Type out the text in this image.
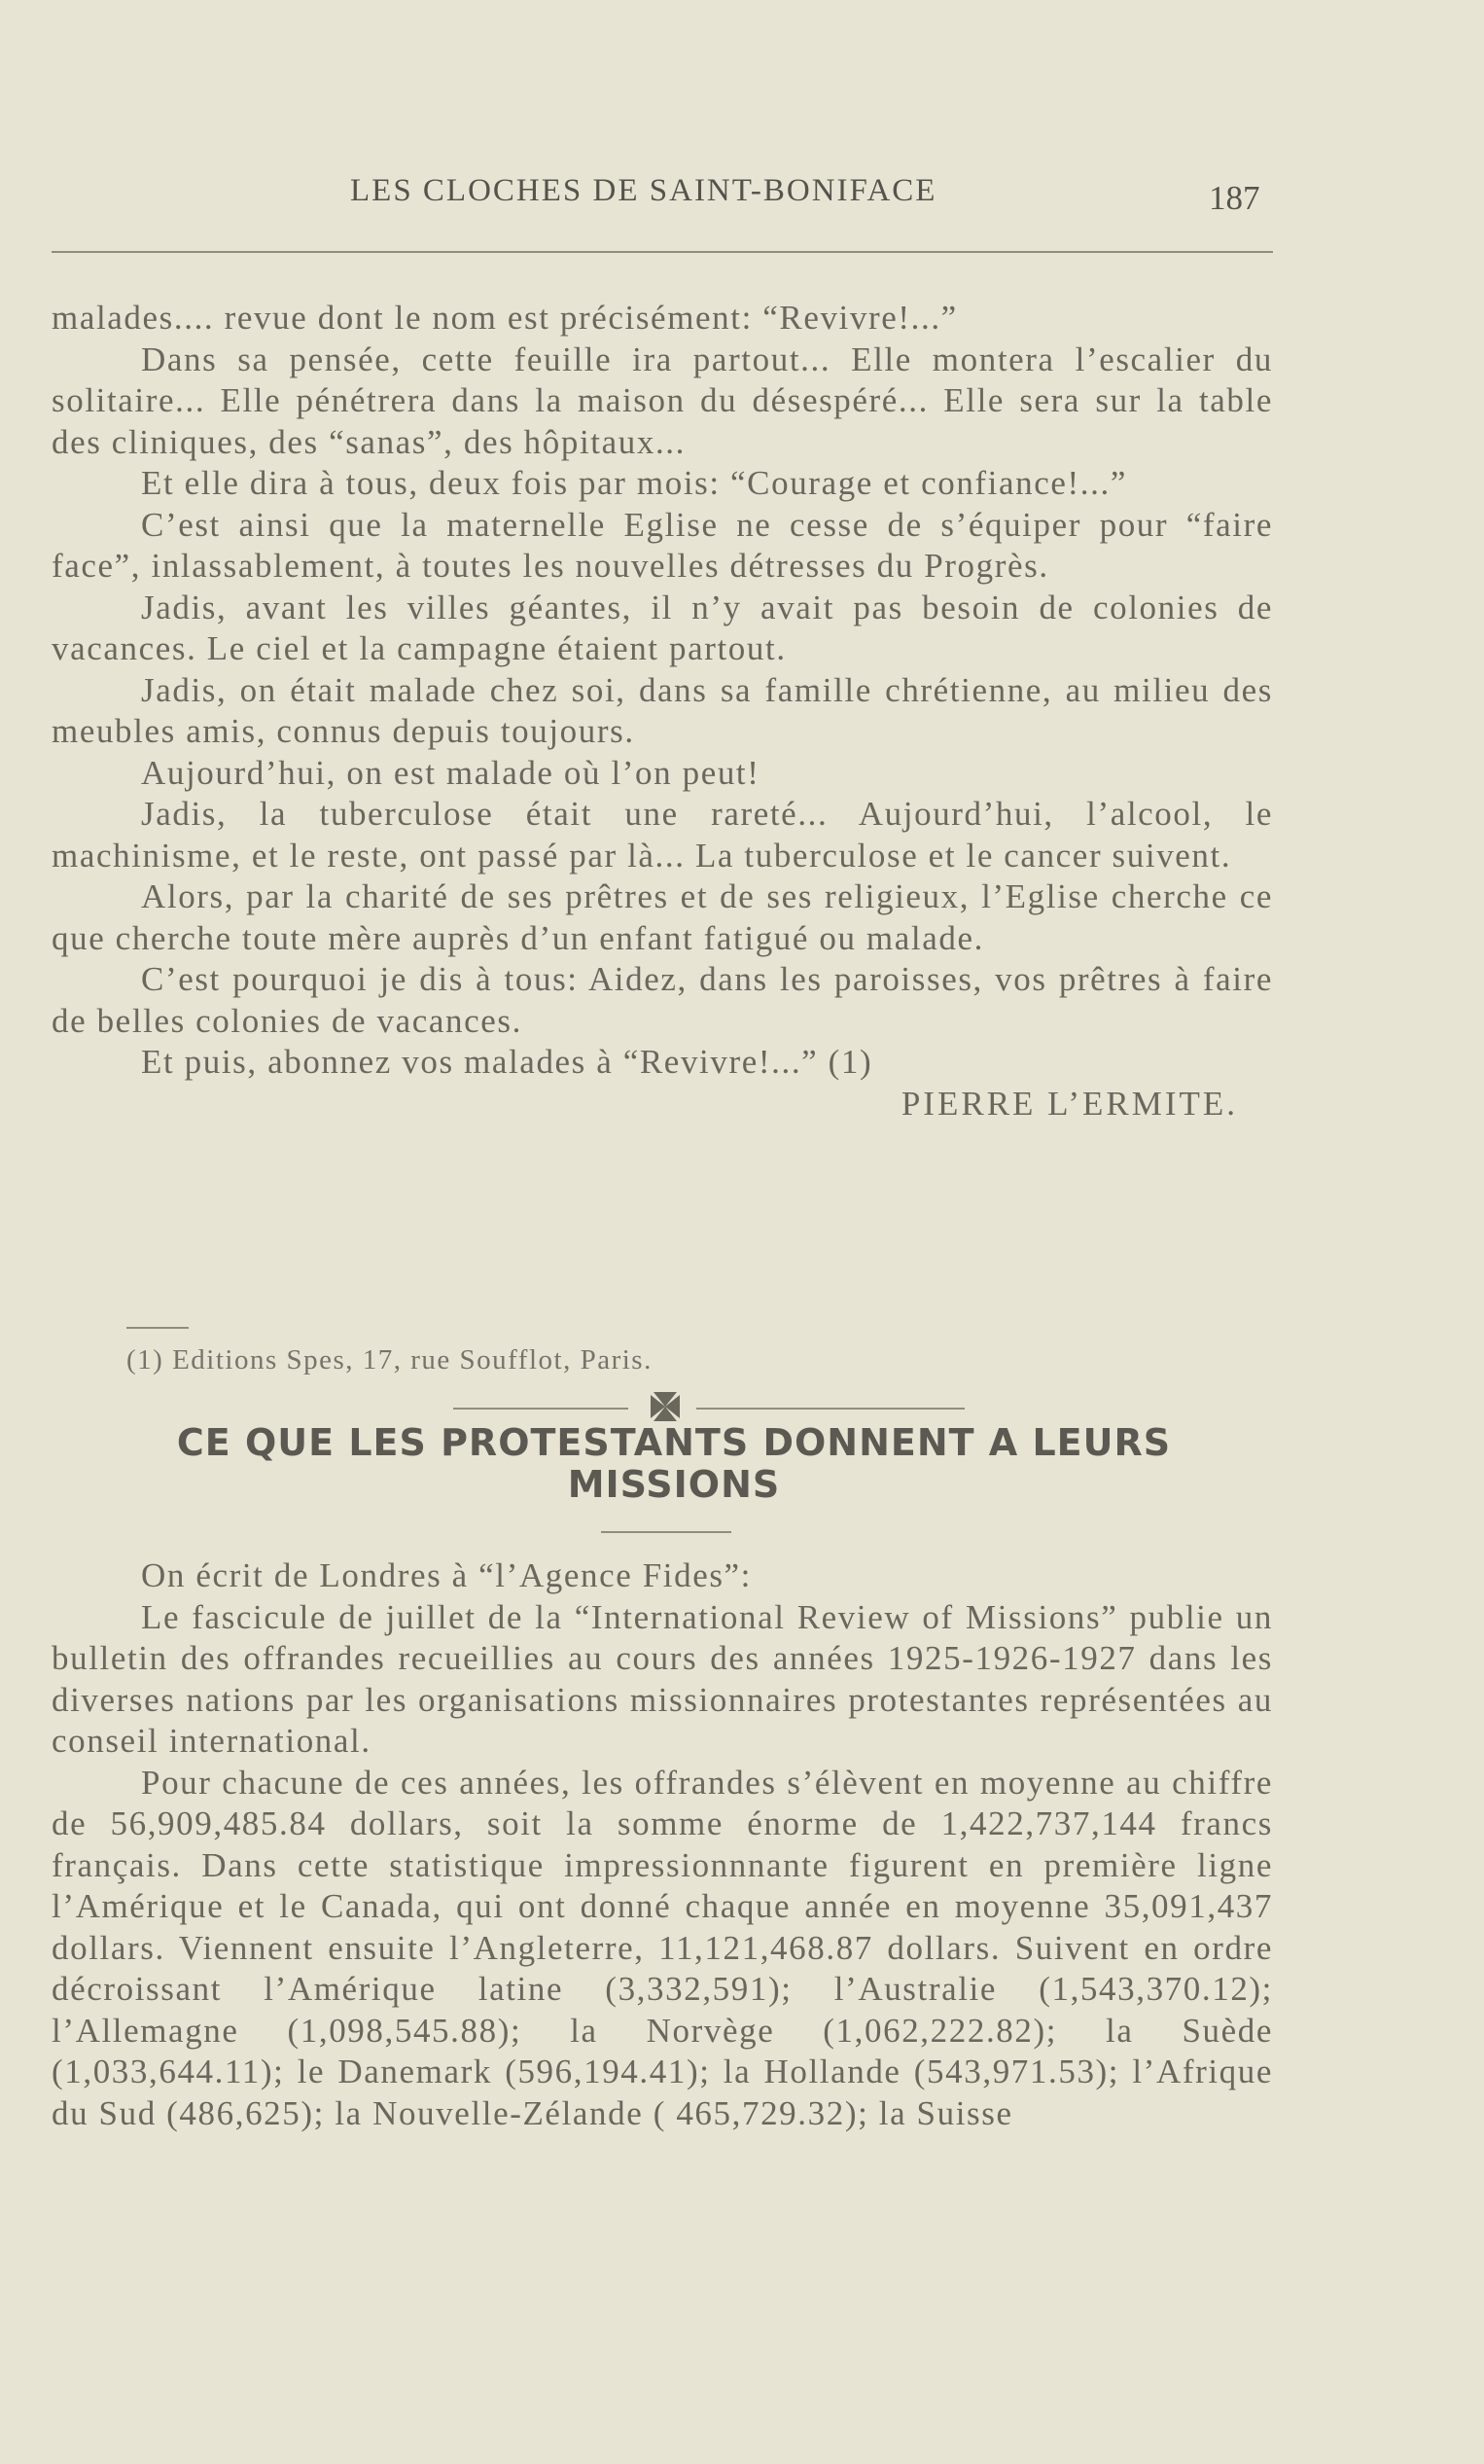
LES CLOCHES DE SAINT-BONIFACE	187

malades.... revue dont le nom est précisément: “Revivre!...”

Dans sa pensée, cette feuille ira partout... Elle montera l’escalier du solitaire... Elle pénétrera dans la maison du désespéré... Elle sera sur la table des cliniques, des “sanas”, des hôpitaux...

Et elle dira à tous, deux fois par mois: “Courage et confiance!...”

C’est ainsi que la maternelle Eglise ne cesse de s’équiper pour “faire face”, inlassablement, à toutes les nouvelles détresses du Progrès.

Jadis, avant les villes géantes, il n’y avait pas besoin de colonies de vacances. Le ciel et la campagne étaient partout.

Jadis, on était malade chez soi, dans sa famille chrétienne, au milieu des meubles amis, connus depuis toujours.

Aujourd’hui, on est malade où l’on peut!

Jadis, la tuberculose était une rareté... Aujourd’hui, l’alcool, le machinisme, et le reste, ont passé par là... La tuberculose et le cancer suivent.

Alors, par la charité de ses prêtres et de ses religieux, l’Eglise cherche ce que cherche toute mère auprès d’un enfant fatigué ou malade.

C’est pourquoi je dis à tous: Aidez, dans les paroisses, vos prêtres à faire de belles colonies de vacances.

Et puis, abonnez vos malades à “Revivre!...” (1)

PIERRE L’ERMITE.

(1) Editions Spes, 17, rue Soufflot, Paris.
CE QUE LES PROTESTANTS DONNENT A LEURS
MISSIONS

On écrit de Londres à “l’Agence Fides”:

Le fascicule de juillet de la “International Review of Missions” publie un bulletin des offrandes recueillies au cours des années 1925-1926-1927 dans les diverses nations par les organisations missionnaires protestantes représentées au conseil international.

Pour chacune de ces années, les offrandes s’élèvent en moyenne au chiffre de 56,909,485.84 dollars, soit la somme énorme de 1,422,737,144 francs français. Dans cette statistique impressionnnante figurent en première ligne l’Amérique et le Canada, qui ont donné chaque année en moyenne 35,091,437 dollars. Viennent ensuite l’Angleterre, 11,121,468.87 dollars. Suivent en ordre décroissant l’Amérique latine (3,332,591); l’Australie (1,543,370.12); l’Allemagne (1,098,545.88); la Norvège (1,062,222.82); la Suède (1,033,644.11); le Danemark (596,194.41); la Hollande (543,971.53); l’Afrique du Sud (486,625); la Nouvelle-Zélande ( 465,729.32); la Suisse
